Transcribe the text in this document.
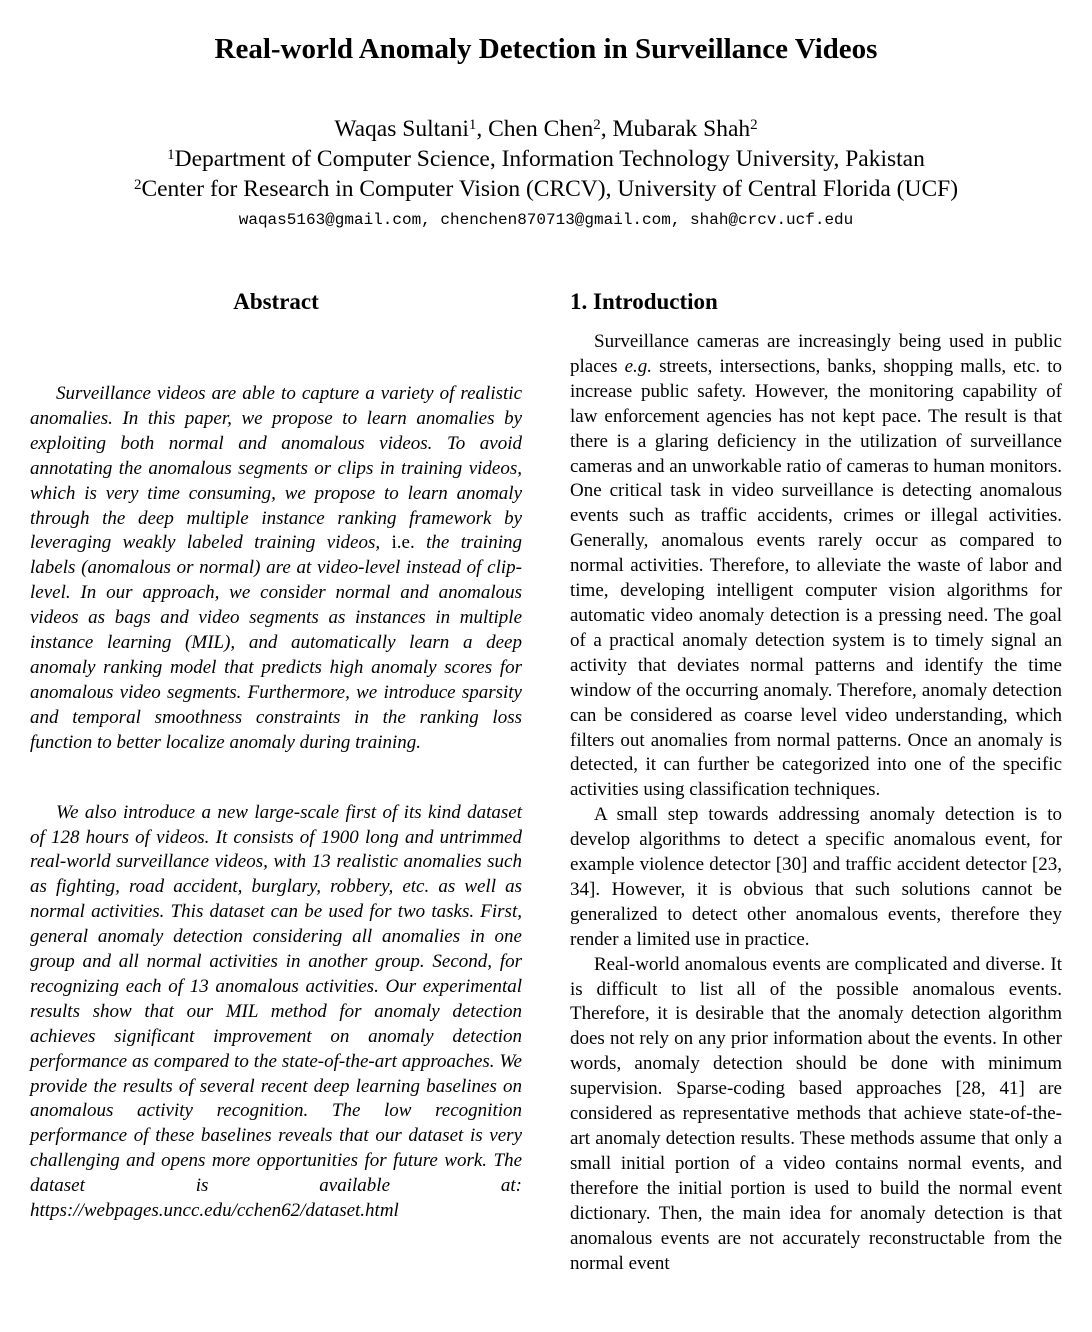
Real-world Anomaly Detection in Surveillance Videos
Waqas Sultani$^1$, Chen Chen$^2$, Mubarak Shah$^2$
$^1$Department of Computer Science, Information Technology University, Pakistan
$^2$Center for Research in Computer Vision (CRCV), University of Central Florida (UCF)
waqas5163@gmail.com, chenchen870713@gmail.com, shah@crcv.ucf.edu
Abstract

Surveillance videos are able to capture a variety of realistic anomalies. In this paper, we propose to learn anomalies by exploiting both normal and anomalous videos. To avoid annotating the anomalous segments or clips in training videos, which is very time consuming, we propose to learn anomaly through the deep multiple instance ranking framework by leveraging weakly labeled training videos, i.e. the training labels (anomalous or normal) are at video-level instead of clip-level. In our approach, we consider normal and anomalous videos as bags and video segments as instances in multiple instance learning (MIL), and automatically learn a deep anomaly ranking model that predicts high anomaly scores for anomalous video segments. Furthermore, we introduce sparsity and temporal smoothness constraints in the ranking loss function to better localize anomaly during training.

We also introduce a new large-scale first of its kind dataset of 128 hours of videos. It consists of 1900 long and untrimmed real-world surveillance videos, with 13 realistic anomalies such as fighting, road accident, burglary, robbery, etc. as well as normal activities. This dataset can be used for two tasks. First, general anomaly detection considering all anomalies in one group and all normal activities in another group. Second, for recognizing each of 13 anomalous activities. Our experimental results show that our MIL method for anomaly detection achieves significant improvement on anomaly detection performance as compared to the state-of-the-art approaches. We provide the results of several recent deep learning baselines on anomalous activity recognition. The low recognition performance of these baselines reveals that our dataset is very challenging and opens more opportunities for future work. The dataset is available at: https://webpages.uncc.edu/cchen62/dataset.html

1. Introduction

Surveillance cameras are increasingly being used in public places e.g. streets, intersections, banks, shopping malls, etc. to increase public safety. However, the monitoring capability of law enforcement agencies has not kept pace. The result is that there is a glaring deficiency in the utilization of surveillance cameras and an unworkable ratio of cameras to human monitors. One critical task in video surveillance is detecting anomalous events such as traffic accidents, crimes or illegal activities. Generally, anomalous events rarely occur as compared to normal activities. Therefore, to alleviate the waste of labor and time, developing intelligent computer vision algorithms for automatic video anomaly detection is a pressing need. The goal of a practical anomaly detection system is to timely signal an activity that deviates normal patterns and identify the time window of the occurring anomaly. Therefore, anomaly detection can be considered as coarse level video understanding, which filters out anomalies from normal patterns. Once an anomaly is detected, it can further be categorized into one of the specific activities using classification techniques.

A small step towards addressing anomaly detection is to develop algorithms to detect a specific anomalous event, for example violence detector [30] and traffic accident detector [23, 34]. However, it is obvious that such solutions cannot be generalized to detect other anomalous events, therefore they render a limited use in practice.

Real-world anomalous events are complicated and diverse. It is difficult to list all of the possible anomalous events. Therefore, it is desirable that the anomaly detection algorithm does not rely on any prior information about the events. In other words, anomaly detection should be done with minimum supervision. Sparse-coding based approaches [28, 41] are considered as representative methods that achieve state-of-the-art anomaly detection results. These methods assume that only a small initial portion of a video contains normal events, and therefore the initial portion is used to build the normal event dictionary. Then, the main idea for anomaly detection is that anomalous events are not accurately reconstructable from the normal event
